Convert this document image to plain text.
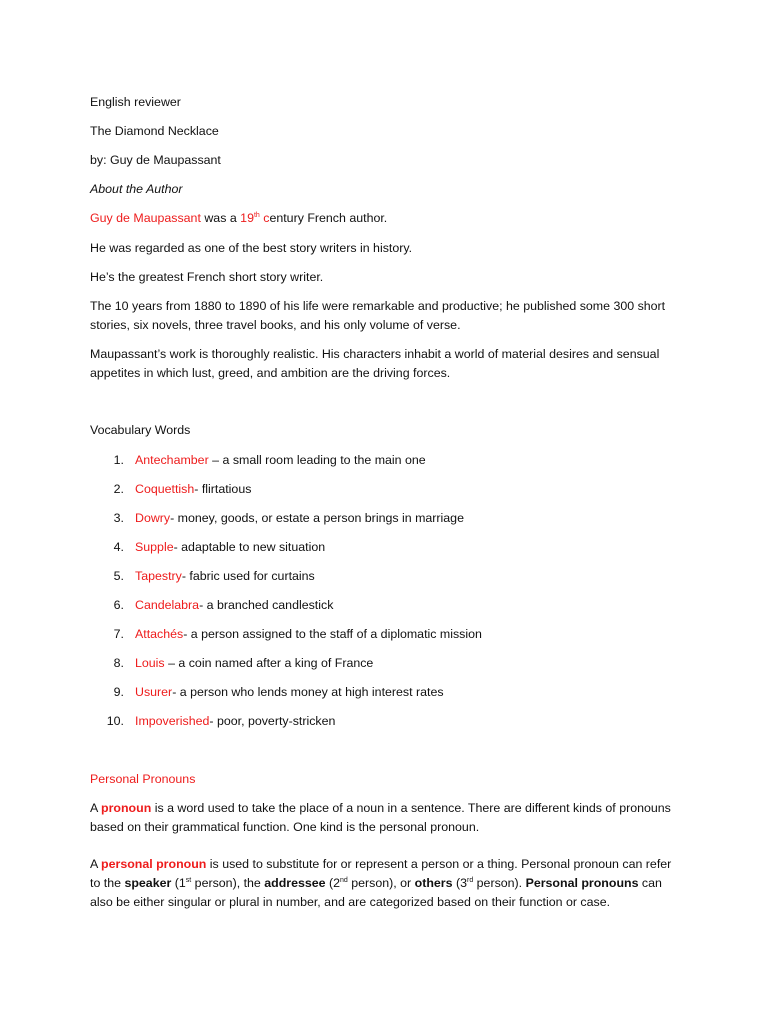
English reviewer
The Diamond Necklace
by: Guy de Maupassant
About the Author
Guy de Maupassant was a 19th century French author.
He was regarded as one of the best story writers in history.
He’s the greatest French short story writer.
The 10 years from 1880 to 1890 of his life were remarkable and productive; he published some 300 short stories, six novels, three travel books, and his only volume of verse.
Maupassant’s work is thoroughly realistic. His characters inhabit a world of material desires and sensual appetites in which lust, greed, and ambition are the driving forces.
Vocabulary Words
1. Antechamber – a small room leading to the main one
2. Coquettish- flirtatious
3. Dowry- money, goods, or estate a person brings in marriage
4. Supple- adaptable to new situation
5. Tapestry- fabric used for curtains
6. Candelabra- a branched candlestick
7. Attachés- a person assigned to the staff of a diplomatic mission
8. Louis – a coin named after a king of France
9. Usurer- a person who lends money at high interest rates
10. Impoverished- poor, poverty-stricken
Personal Pronouns
A pronoun is a word used to take the place of a noun in a sentence. There are different kinds of pronouns based on their grammatical function. One kind is the personal pronoun.
A personal pronoun is used to substitute for or represent a person or a thing. Personal pronoun can refer to the speaker (1st person), the addressee (2nd person), or others (3rd person). Personal pronouns can also be either singular or plural in number, and are categorized based on their function or case.
